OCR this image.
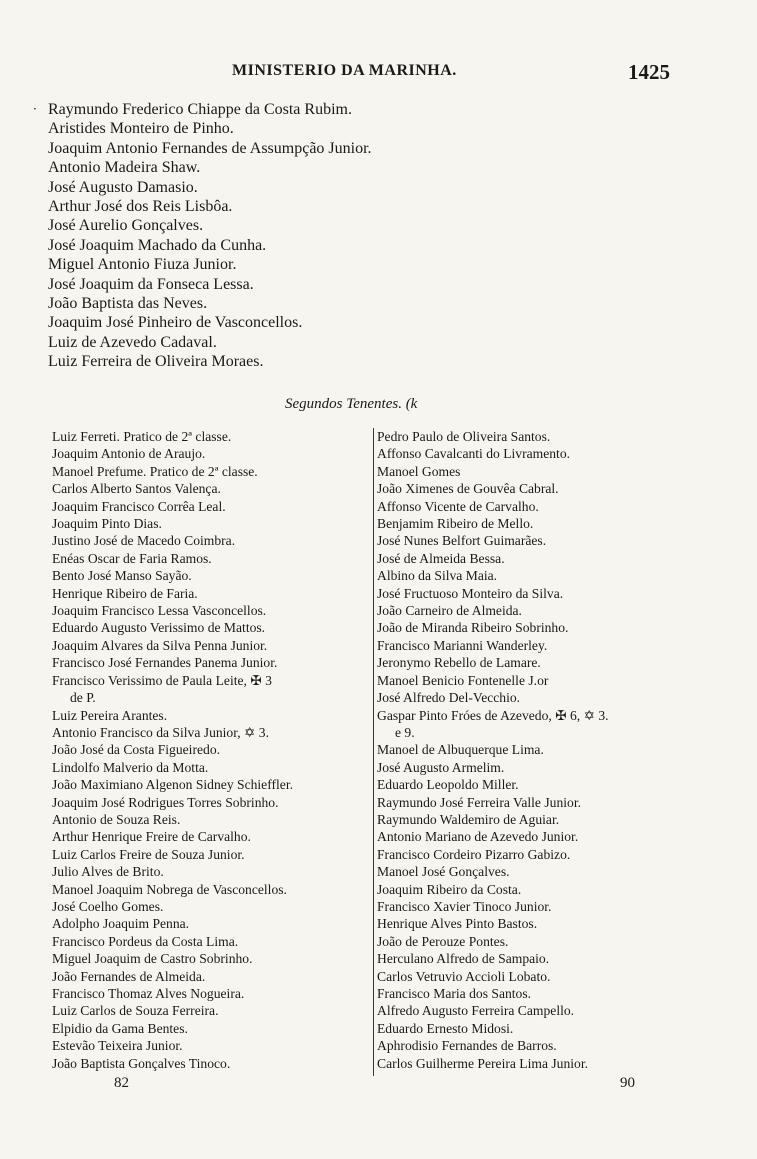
MINISTERIO DA MARINHA.	1425
· Raymundo Frederico Chiappe da Costa Rubim.
Aristides Monteiro de Pinho.
Joaquim Antonio Fernandes de Assumpção Junior.
Antonio Madeira Shaw.
José Augusto Damasio.
Arthur José dos Reis Lisbôa.
José Aurelio Gonçalves.
José Joaquim Machado da Cunha.
Miguel Antonio Fiuza Junior.
José Joaquim da Fonseca Lessa.
João Baptista das Neves.
Joaquim José Pinheiro de Vasconcellos.
Luiz de Azevedo Cadaval.
Luiz Ferreira de Oliveira Moraes.
Segundos Tenentes. (k
Luiz Ferreti. Pratico de 2ª classe.
Joaquim Antonio de Araujo.
Manoel Prefume. Pratico de 2ª classe.
Carlos Alberto Santos Valença.
Joaquim Francisco Corrêa Leal.
Joaquim Pinto Dias.
Justino José de Macedo Coimbra.
Enéas Oscar de Faria Ramos.
Bento José Manso Sayão.
Henrique Ribeiro de Faria.
Joaquim Francisco Lessa Vasconcellos.
Eduardo Augusto Verissimo de Mattos.
Joaquim Alvares da Silva Penna Junior.
Francisco José Fernandes Panema Junior.
Francisco Verissimo de Paula Leite, ✠ 3
de P.
Luiz Pereira Arantes.
Antonio Francisco da Silva Junior, ✡ 3.
João José da Costa Figueiredo.
Lindolfo Malverio da Motta.
João Maximiano Algenon Sidney Schieffler.
Joaquim José Rodrigues Torres Sobrinho.
Antonio de Souza Reis.
Arthur Henrique Freire de Carvalho.
Luiz Carlos Freire de Souza Junior.
Julio Alves de Brito.
Manoel Joaquim Nobrega de Vasconcellos.
José Coelho Gomes.
Adolpho Joaquim Penna.
Francisco Pordeus da Costa Lima.
Miguel Joaquim de Castro Sobrinho.
João Fernandes de Almeida.
Francisco Thomaz Alves Nogueira.
Luiz Carlos de Souza Ferreira.
Elpidio da Gama Bentes.
Estevão Teixeira Junior.
João Baptista Gonçalves Tinoco.
Pedro Paulo de Oliveira Santos.
Affonso Cavalcanti do Livramento.
Manoel Gomes
João Ximenes de Gouvêa Cabral.
Affonso Vicente de Carvalho.
Benjamim Ribeiro de Mello.
José Nunes Belfort Guimarães.
José de Almeida Bessa.
Albino da Silva Maia.
José Fructuoso Monteiro da Silva.
João Carneiro de Almeida.
João de Miranda Ribeiro Sobrinho.
Francisco Marianni Wanderley.
Jeronymo Rebello de Lamare.
Manoel Benicio Fontenelle J.or
José Alfredo Del-Vecchio.
Gaspar Pinto Fróes de Azevedo, ✠ 6, ✡ 3.
e 9.
Manoel de Albuquerque Lima.
José Augusto Armelim.
Eduardo Leopoldo Miller.
Raymundo José Ferreira Valle Junior.
Raymundo Waldemiro de Aguiar.
Antonio Mariano de Azevedo Junior.
Francisco Cordeiro Pizarro Gabizo.
Manoel José Gonçalves.
Joaquim Ribeiro da Costa.
Francisco Xavier Tinoco Junior.
Henrique Alves Pinto Bastos.
João de Perouze Pontes.
Herculano Alfredo de Sampaio.
Carlos Vetruvio Accioli Lobato.
Francisco Maria dos Santos.
Alfredo Augusto Ferreira Campello.
Eduardo Ernesto Midosi.
Aphrodisio Fernandes de Barros.
Carlos Guilherme Pereira Lima Junior.
82	90
